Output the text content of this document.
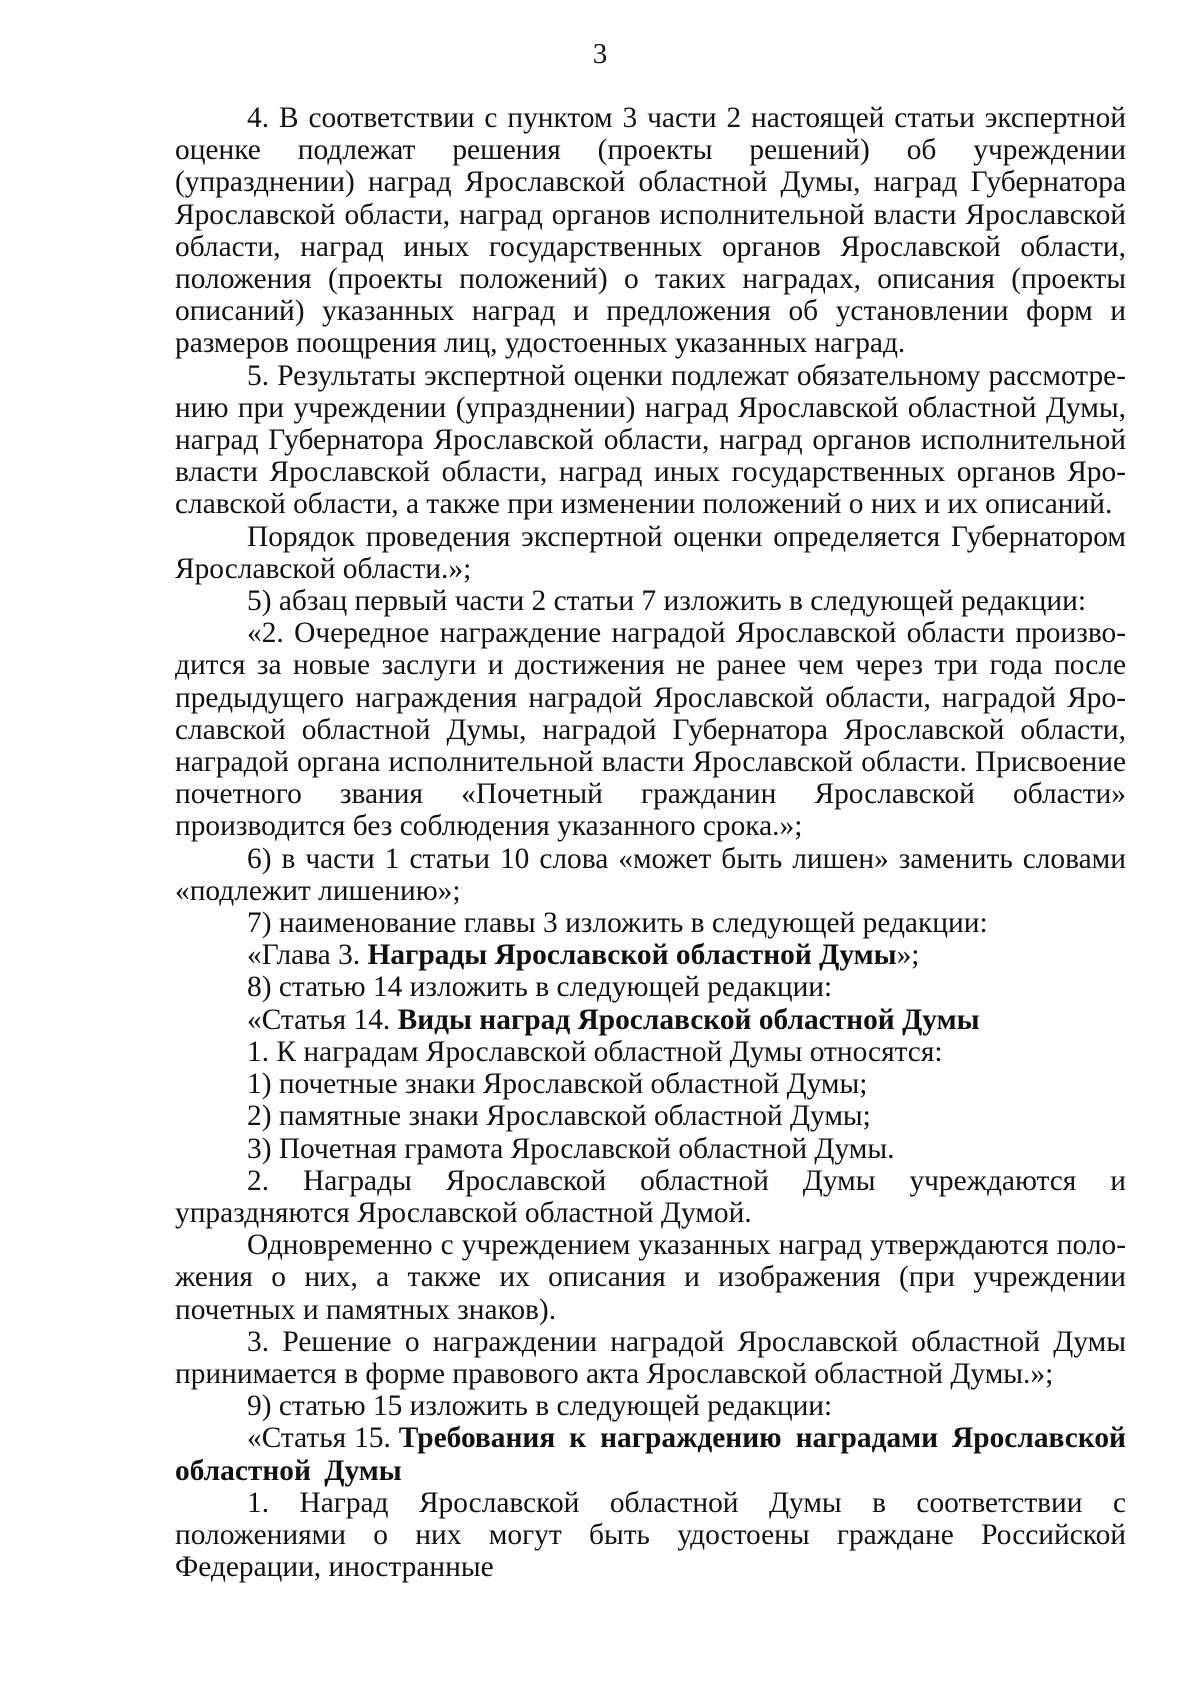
3

4. В соответствии с пунктом 3 части 2 настоящей статьи экспертной оценке подлежат решения (проекты решений) об учреждении (упразднении) наград Ярославской областной Думы, наград Губернатора Ярославской области, наград органов исполнительной власти Ярославской области, наград иных государственных органов Ярославской области, положения (проекты положений) о таких наградах, описания (проекты описаний) указанных наград и предложения об установлении форм и размеров поощрения лиц, удостоенных указанных наград.

5. Результаты экспертной оценки подлежат обязательному рассмотрению при учреждении (упразднении) наград Ярославской областной Думы, наград Губернатора Ярославской области, наград органов исполнительной власти Ярославской области, наград иных государственных органов Ярославской области, а также при изменении положений о них и их описаний.

Порядок проведения экспертной оценки определяется Губернатором Ярославской области.»;

5) абзац первый части 2 статьи 7 изложить в следующей редакции:

«2. Очередное награждение наградой Ярославской области производится за новые заслуги и достижения не ранее чем через три года после предыдущего награждения наградой Ярославской области, наградой Ярославской областной Думы, наградой Губернатора Ярославской области, наградой органа исполнительной власти Ярославской области. Присвоение почетного звания «Почетный гражданин Ярославской области» производится без соблюдения указанного срока.»;

6) в части 1 статьи 10 слова «может быть лишен» заменить словами «подлежит лишению»;

7) наименование главы 3 изложить в следующей редакции:

«Глава 3. Награды Ярославской областной Думы»;

8) статью 14 изложить в следующей редакции:

«Статья 14. Виды наград Ярославской областной Думы

1. К наградам Ярославской областной Думы относятся:

1) почетные знаки Ярославской областной Думы;

2) памятные знаки Ярославской областной Думы;

3) Почетная грамота Ярославской областной Думы.

2. Награды Ярославской областной Думы учреждаются и упраздняются Ярославской областной Думой.

Одновременно с учреждением указанных наград утверждаются положения о них, а также их описания и изображения (при учреждении почетных и памятных знаков).

3. Решение о награждении наградой Ярославской областной Думы принимается в форме правового акта Ярославской областной Думы.»;

9) статью 15 изложить в следующей редакции:

«Статья 15. Требования к награждению наградами Ярославской областной Думы

1. Наград Ярославской областной Думы в соответствии с положениями о них могут быть удостоены граждане Российской Федерации, иностранные
